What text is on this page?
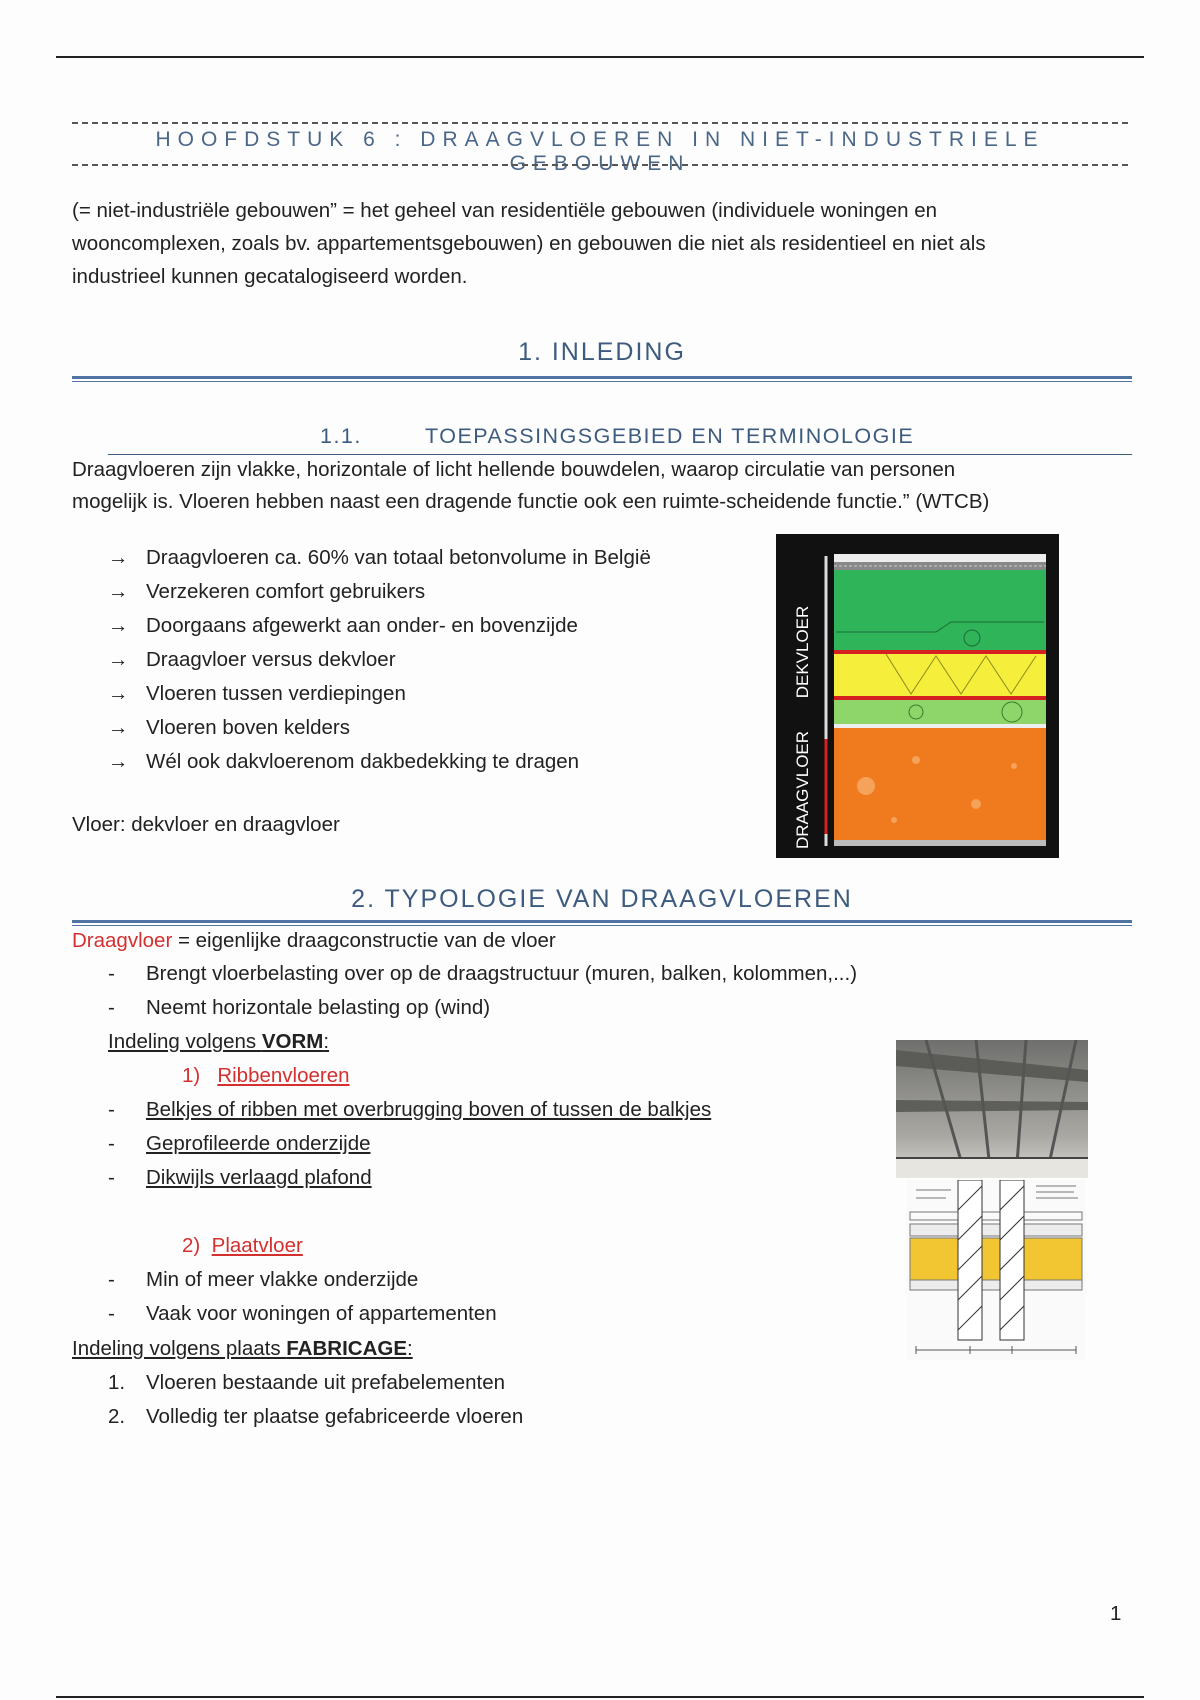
HOOFDSTUK 6 : DRAAGVLOEREN IN NIET-INDUSTRIELE GEBOUWEN
(= niet-industriële gebouwen” = het geheel van residentiële gebouwen (individuele woningen en
wooncomplexen, zoals bv. appartementsgebouwen) en gebouwen die niet als residentieel en niet als
industrieel kunnen gecatalogiseerd worden.
1. INLEDING
1.1.	TOEPASSINGSGEBIED EN TERMINOLOGIE
Draagvloeren zijn vlakke, horizontale of licht hellende bouwdelen, waarop circulatie van personen
mogelijk is. Vloeren hebben naast een dragende functie ook een ruimte-scheidende functie.” (WTCB)
→ Draagvloeren ca. 60% van totaal betonvolume in België
→ Verzekeren comfort gebruikers
→ Doorgaans afgewerkt aan onder- en bovenzijde
→ Draagvloer versus dekvloer
→ Vloeren tussen verdiepingen
→ Vloeren boven kelders
→ Wél ook dakvloerenom dakbedekking te dragen
Vloer: dekvloer en draagvloer
DEKVLOER
DRAAGVLOER
2. TYPOLOGIE VAN DRAAGVLOEREN
Draagvloer = eigenlijke draagconstructie van de vloer
- Brengt vloerbelasting over op de draagstructuur (muren, balken, kolommen,...)
- Neemt horizontale belasting op (wind)
Indeling volgens VORM:
1) Ribbenvloeren
- Belkjes of ribben met overbrugging boven of tussen de balkjes
- Geprofileerde onderzijde
- Dikwijls verlaagd plafond
2) Plaatvloer
- Min of meer vlakke onderzijde
- Vaak voor woningen of appartementen
Indeling volgens plaats FABRICAGE:
1. Vloeren bestaande uit prefabelementen
2. Volledig ter plaatse gefabriceerde vloeren
1
